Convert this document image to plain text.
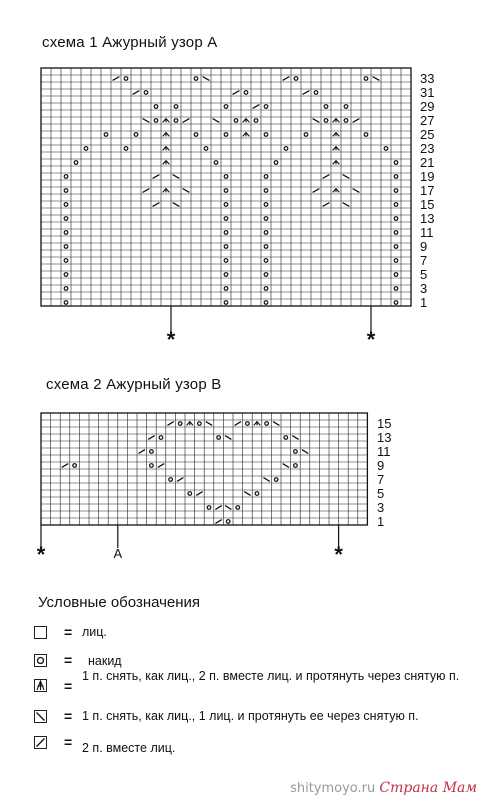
схема 1 Ажурный узор A
33
31
29
27
25
23
21
19
17
15
13
11
9
7
5
3
1
*	*
схема 2 Ажурный узор B
15
13
11
9
7
5
3
1
*	A	*
Условные обозначения
= лиц.
= накид
=
1 п. снять, как лиц., 2 п. вместе лиц. и протянуть через снятую п.
= 1 п. снять, как лиц., 1 лиц. и протянуть ее через снятую п.
= 2 п. вместе лиц.
shitymoyo.ru Страна Мам
